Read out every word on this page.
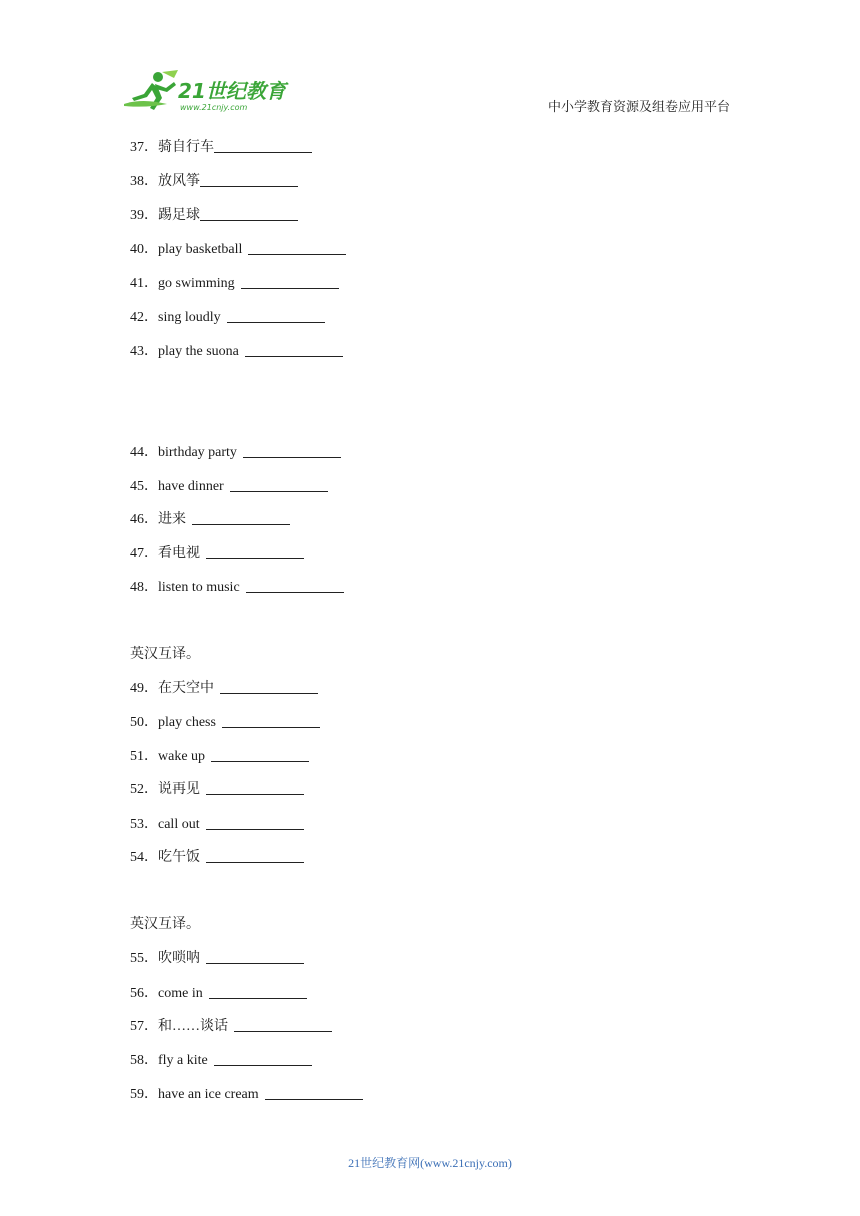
21世纪教育
www.21cnjy.com	中小学教育资源及组卷应用平台
37．骑自行车
38．放风筝
39．踢足球
40．play basketball
41．go swimming
42．sing loudly
43．play the suona
44．birthday party
45．have dinner
46．进来
47．看电视
48．listen to music
英汉互译。
49．在天空中
50．play chess
51．wake up
52．说再见
53．call out
54．吃午饭
英汉互译。
55．吹唢呐
56．come in
57．和……谈话
58．fly a kite
59．have an ice cream
21世纪教育网(www.21cnjy.com)
